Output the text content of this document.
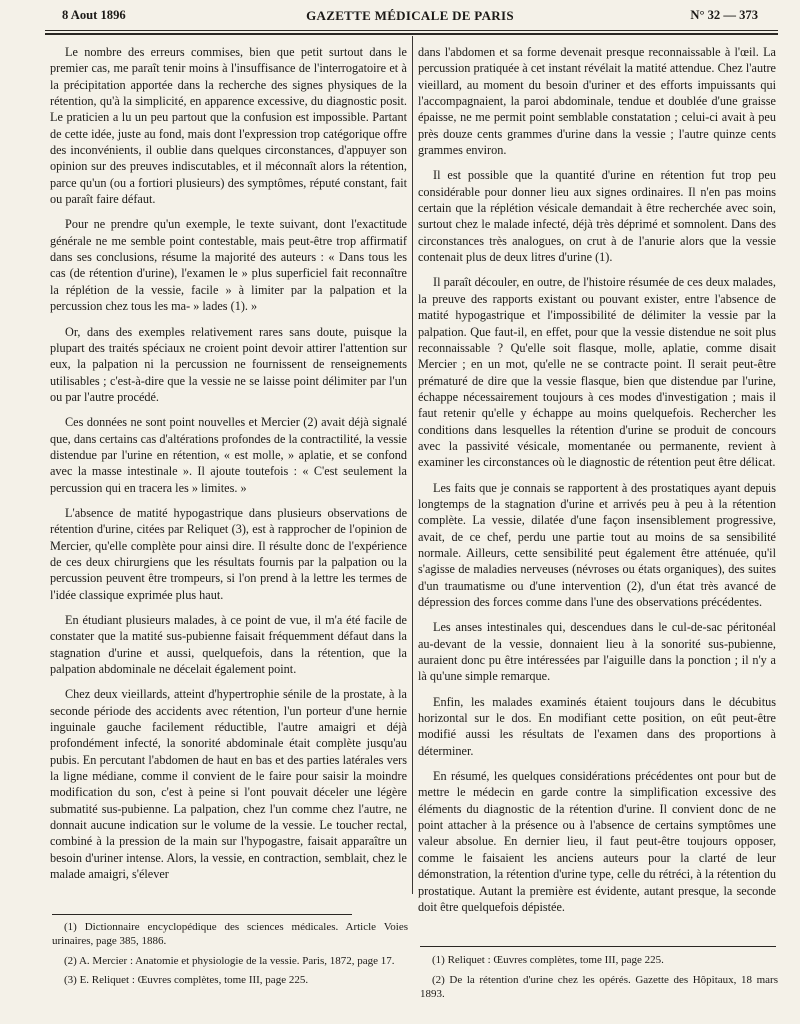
8 Aout 1896	GAZETTE MÉDICALE DE PARIS	N° 32 — 373

Le nombre des erreurs commises, bien que petit surtout dans le premier cas, me paraît tenir moins à l'insuffisance de l'interrogatoire et à la précipitation apportée dans la recherche des signes physiques de la rétention, qu'à la simplicité, en apparence excessive, du diagnostic posit. Le praticien a lu un peu partout que la confusion est impossible. Partant de cette idée, juste au fond, mais dont l'expression trop catégorique offre des inconvénients, il oublie dans quelques circonstances, d'appuyer son opinion sur des preuves indiscutables, et il méconnaît alors la rétention, parce qu'un (ou a fortiori plusieurs) des symptômes, réputé constant, fait ou paraît faire défaut.

Pour ne prendre qu'un exemple, le texte suivant, dont l'exactitude générale ne me semble point contestable, mais peut-être trop affirmatif dans ses conclusions, résume la majorité des auteurs : « Dans tous les cas (de rétention d'urine), l'examen le » plus superficiel fait reconnaître la réplétion de la vessie, facile » à limiter par la palpation et la percussion chez tous les ma- » lades (1). »

Or, dans des exemples relativement rares sans doute, puisque la plupart des traités spéciaux ne croient point devoir attirer l'attention sur eux, la palpation ni la percussion ne fournissent de renseignements utilisables ; c'est-à-dire que la vessie ne se laisse point délimiter par l'un ou par l'autre procédé.

Ces données ne sont point nouvelles et Mercier (2) avait déjà signalé que, dans certains cas d'altérations profondes de la contractilité, la vessie distendue par l'urine en rétention, « est molle, » aplatie, et se confond avec la masse intestinale ». Il ajoute toutefois : « C'est seulement la percussion qui en tracera les » limites. »

L'absence de matité hypogastrique dans plusieurs observations de rétention d'urine, citées par Reliquet (3), est à rapprocher de l'opinion de Mercier, qu'elle complète pour ainsi dire. Il résulte donc de l'expérience de ces deux chirurgiens que les résultats fournis par la palpation ou la percussion peuvent être trompeurs, si l'on prend à la lettre les termes de l'idée classique exprimée plus haut.

En étudiant plusieurs malades, à ce point de vue, il m'a été facile de constater que la matité sus-pubienne faisait fréquemment défaut dans la stagnation d'urine et aussi, quelquefois, dans la rétention, que la palpation abdominale ne décelait également point.

Chez deux vieillards, atteint d'hypertrophie sénile de la prostate, à la seconde période des accidents avec rétention, l'un porteur d'une hernie inguinale gauche facilement réductible, l'autre amaigri et déjà profondément infecté, la sonorité abdominale était complète jusqu'au pubis. En percutant l'abdomen de haut en bas et des parties latérales vers la ligne médiane, comme il convient de le faire pour saisir la moindre modification du son, c'est à peine si l'ont pouvait déceler une légère submatité sus-pubienne. La palpation, chez l'un comme chez l'autre, ne donnait aucune indication sur le volume de la vessie. Le toucher rectal, combiné à la pression de la main sur l'hypogastre, faisait apparaître un besoin d'uriner intense. Alors, la vessie, en contraction, semblait, chez le malade amaigri, s'élever

dans l'abdomen et sa forme devenait presque reconnaissable à l'œil. La percussion pratiquée à cet instant révélait la matité attendue. Chez l'autre vieillard, au moment du besoin d'uriner et des efforts impuissants qui l'accompagnaient, la paroi abdominale, tendue et doublée d'une graisse épaisse, ne me permit point semblable constatation ; celui-ci avait à peu près douze cents grammes d'urine dans la vessie ; l'autre quinze cents grammes environ.

Il est possible que la quantité d'urine en rétention fut trop peu considérable pour donner lieu aux signes ordinaires. Il n'en pas moins certain que la réplétion vésicale demandait à être recherchée avec soin, surtout chez le malade infecté, déjà très déprimé et somnolent. Dans des circonstances très analogues, on crut à de l'anurie alors que la vessie contenait plus de deux litres d'urine (1).

Il paraît découler, en outre, de l'histoire résumée de ces deux malades, la preuve des rapports existant ou pouvant exister, entre l'absence de matité hypogastrique et l'impossibilité de délimiter la vessie par la palpation. Que faut-il, en effet, pour que la vessie distendue ne soit plus reconnaissable ? Qu'elle soit flasque, molle, aplatie, comme disait Mercier ; en un mot, qu'elle ne se contracte point. Il serait peut-être prématuré de dire que la vessie flasque, bien que distendue par l'urine, échappe nécessairement toujours à ces modes d'investigation ; mais il faut retenir qu'elle y échappe au moins quelquefois. Rechercher les conditions dans lesquelles la rétention d'urine se produit de concours avec la passivité vésicale, momentanée ou permanente, revient à examiner les circonstances où le diagnostic de rétention peut être délicat.

Les faits que je connais se rapportent à des prostatiques ayant depuis longtemps de la stagnation d'urine et arrivés peu à peu à la rétention complète. La vessie, dilatée d'une façon insensiblement progressive, avait, de ce chef, perdu une partie tout au moins de sa sensibilité normale. Ailleurs, cette sensibilité peut également être atténuée, qu'il s'agisse de maladies nerveuses (névroses ou états organiques), des suites d'un traumatisme ou d'une intervention (2), d'un état très avancé de dépression des forces comme dans l'une des observations précédentes.

Les anses intestinales qui, descendues dans le cul-de-sac péritonéal au-devant de la vessie, donnaient lieu à la sonorité sus-pubienne, auraient donc pu être intéressées par l'aiguille dans la ponction ; il n'y a là qu'une simple remarque.

Enfin, les malades examinés étaient toujours dans le décubitus horizontal sur le dos. En modifiant cette position, on eût peut-être modifié aussi les résultats de l'examen dans des proportions à déterminer.

En résumé, les quelques considérations précédentes ont pour but de mettre le médecin en garde contre la simplification excessive des éléments du diagnostic de la rétention d'urine. Il convient donc de ne point attacher à la présence ou à l'absence de certains symptômes une valeur absolue. En dernier lieu, il faut peut-être toujours opposer, comme le faisaient les anciens auteurs pour la clarté de leur démonstration, la rétention d'urine type, celle du rétréci, à la rétention du prostatique. Autant la première est évidente, autant presque, la seconde doit être quelquefois dépistée.

(1) Dictionnaire encyclopédique des sciences médicales. Article Voies urinaires, page 385, 1886.

(2) A. Mercier : Anatomie et physiologie de la vessie. Paris, 1872, page 17.

(3) E. Reliquet : Œuvres complètes, tome III, page 225.

(1) Reliquet : Œuvres complètes, tome III, page 225.

(2) De la rétention d'urine chez les opérés. Gazette des Hôpitaux, 18 mars 1893.
